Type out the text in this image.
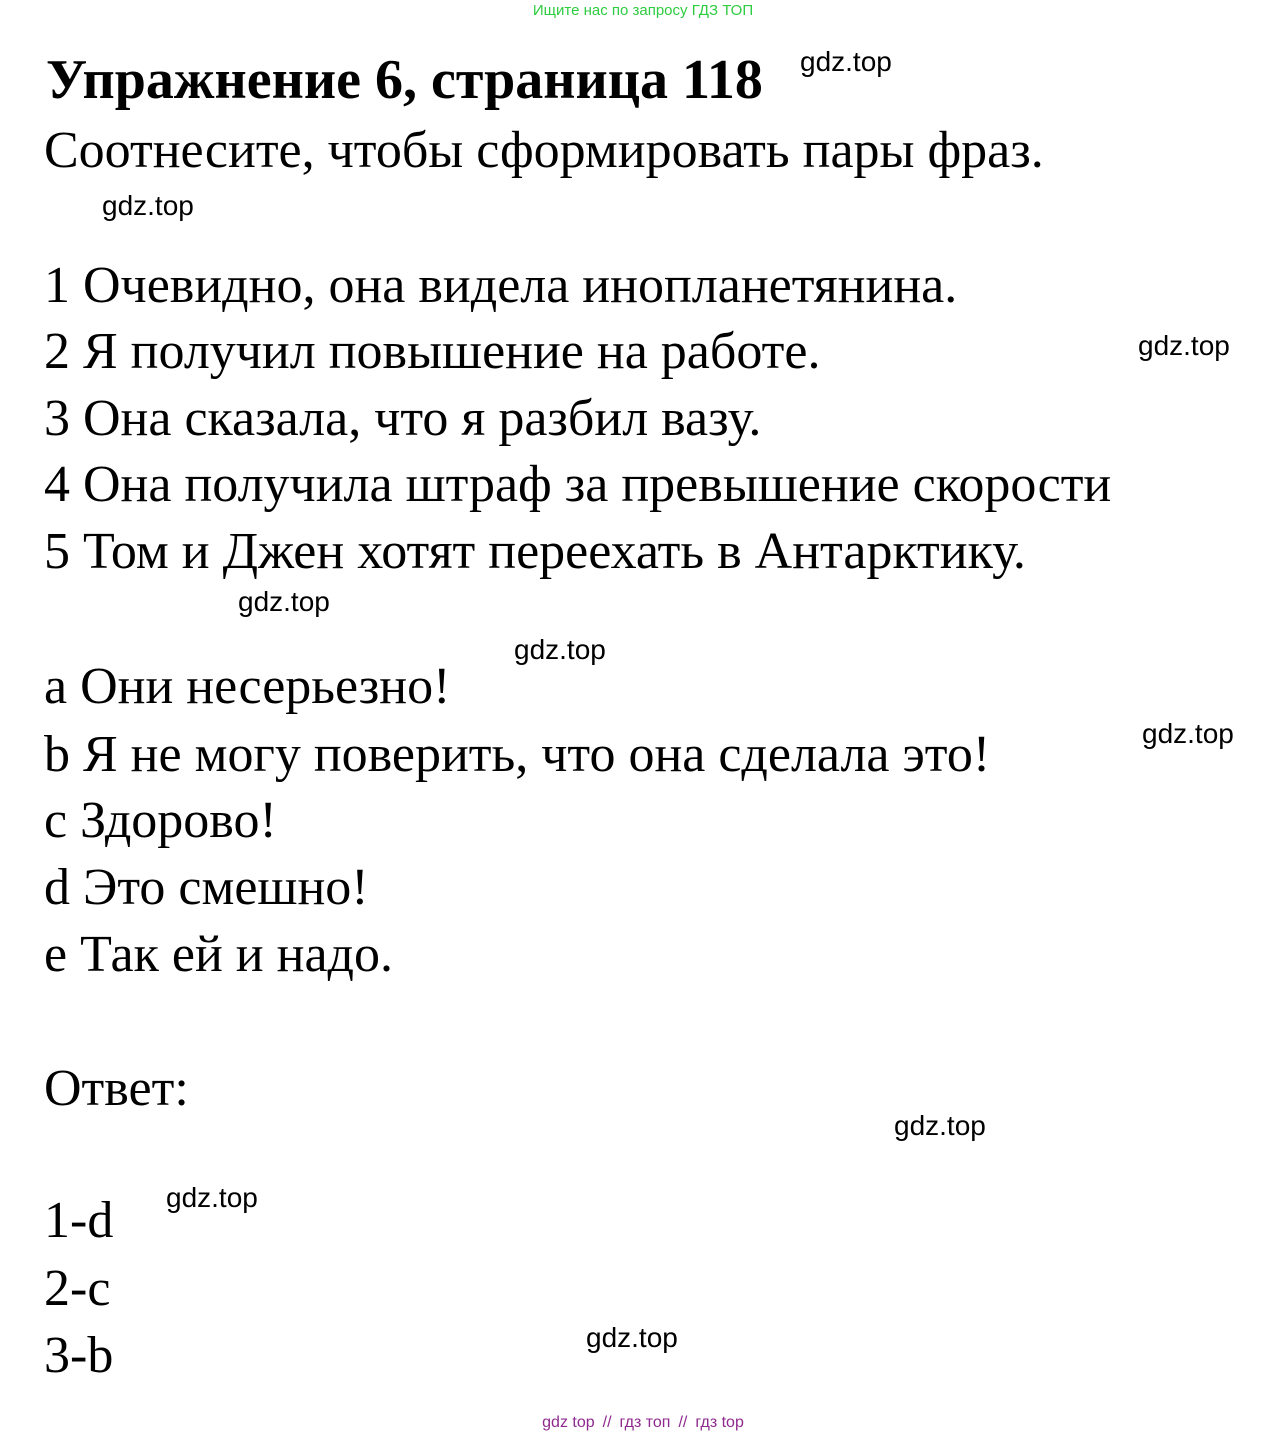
Ищите нас по запросу ГДЗ ТОП
Упражнение 6, страница 118 gdz.top
Соотнесите, чтобы сформировать пары фраз.
gdz.top
1 Очевидно, она видела инопланетянина.
2 Я получил повышение на работе.	gdz.top
3 Она сказала, что я разбил вазу.
4 Она получила штраф за превышение скорости
5 Том и Джен хотят переехать в Антарктику.
gdz.top
gdz.top
a Они несерьезно!
b Я не могу поверить, что она сделала это!	gdz.top
c Здорово!
d Это смешно!
e Так ей и надо.
Ответ:
gdz.top
1-d gdz.top
2-c
3-b	gdz.top
gdz top // гдз топ // гдз top
